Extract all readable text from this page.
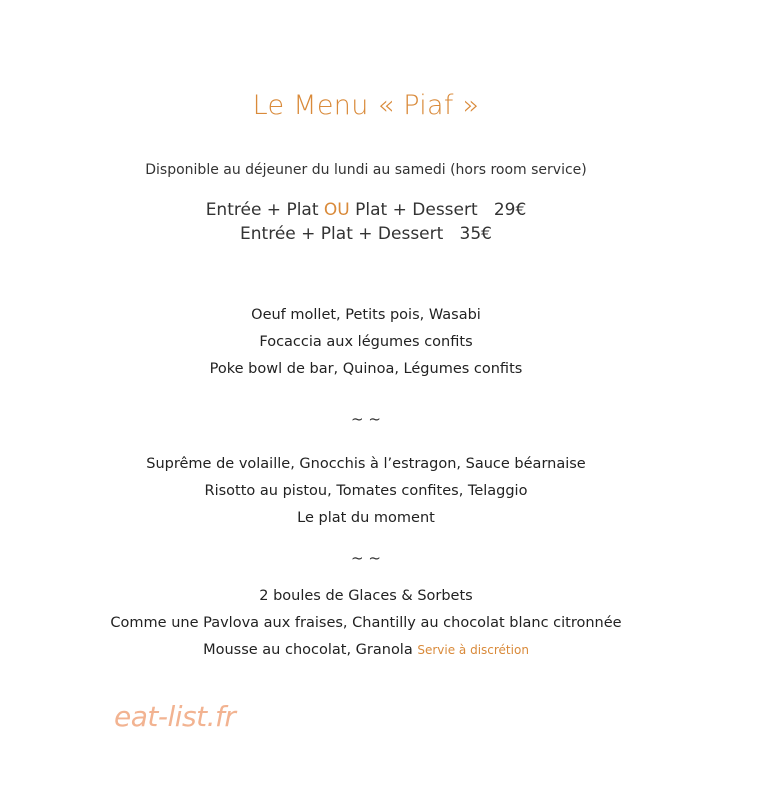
Le Menu « Piaf »
Disponible au déjeuner du lundi au samedi (hors room service)
Entrée + Plat OU Plat + Dessert 29€
Entrée + Plat + Dessert 35€
Oeuf mollet, Petits pois, Wasabi
Focaccia aux légumes confits
Poke bowl de bar, Quinoa, Légumes confits
~ ~
Suprême de volaille, Gnocchis à l’estragon, Sauce béarnaise
Risotto au pistou, Tomates confites, Telaggio
Le plat du moment
~ ~
2 boules de Glaces & Sorbets
Comme une Pavlova aux fraises, Chantilly au chocolat blanc citronnée
Mousse au chocolat, Granola Servie à discrétion
eat-list.fr
